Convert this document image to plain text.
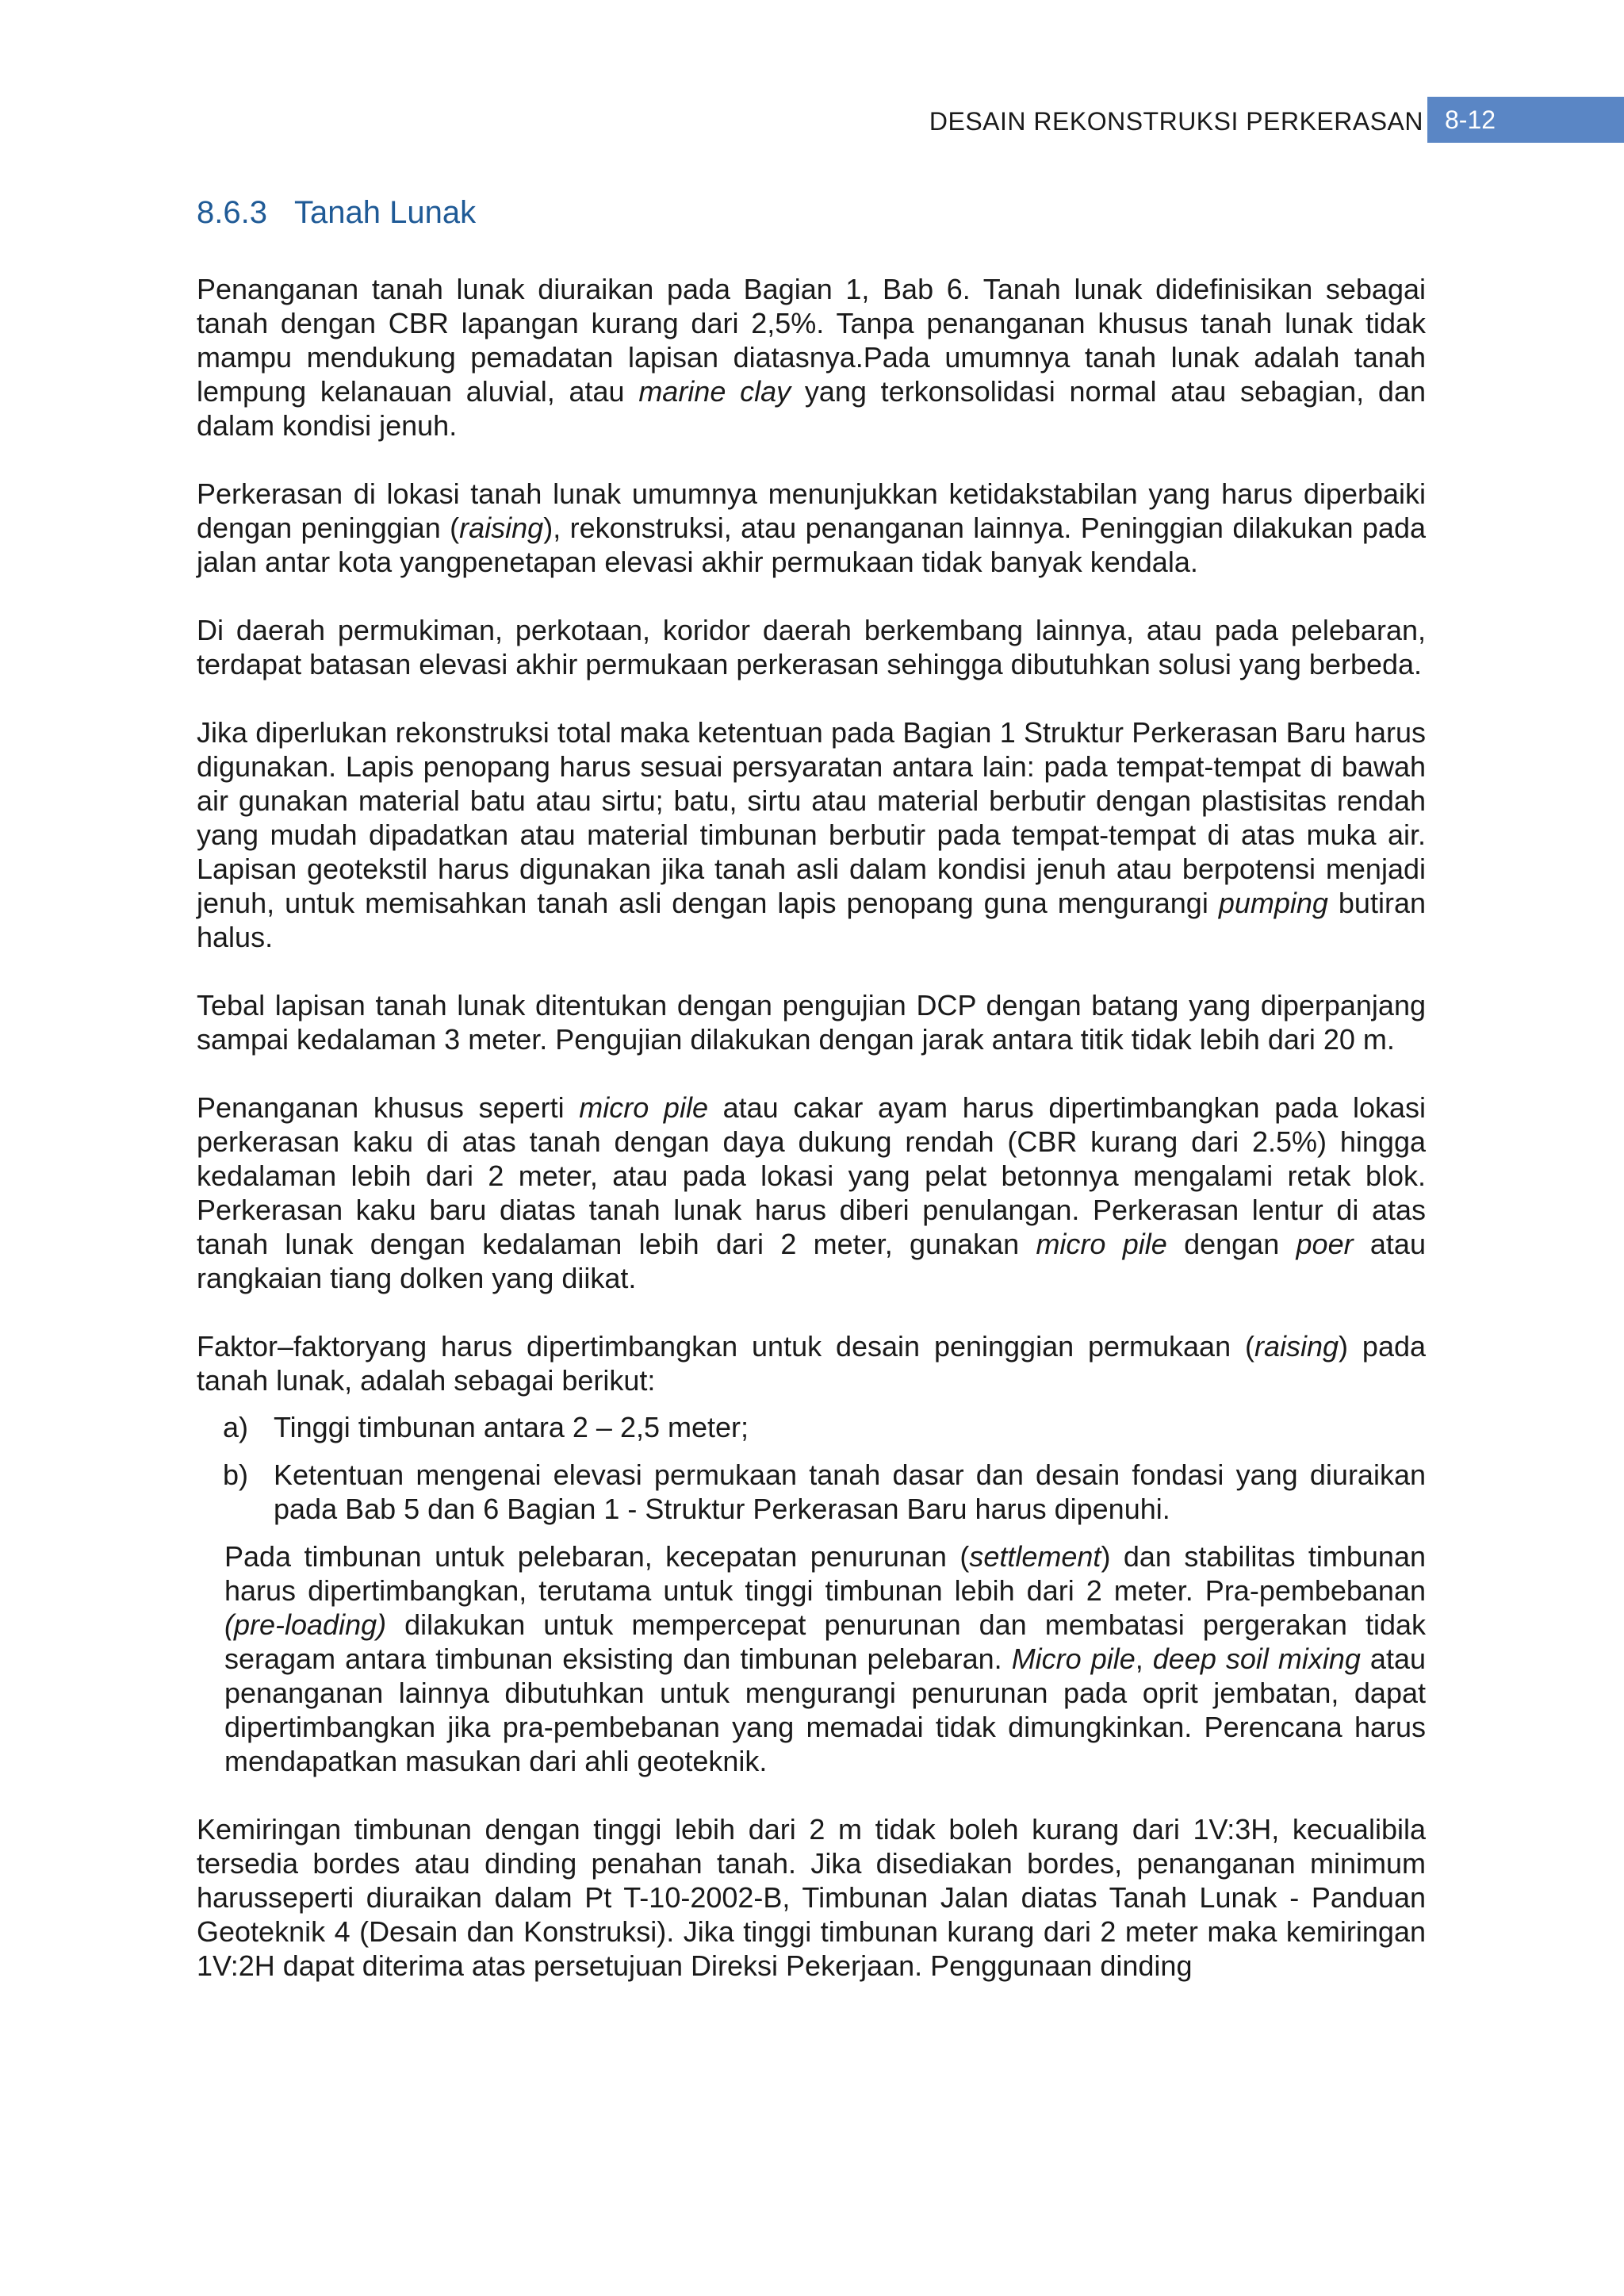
DESAIN REKONSTRUKSI PERKERASAN 8-12
8.6.3 Tanah Lunak

Penanganan tanah lunak diuraikan pada Bagian 1, Bab 6. Tanah lunak didefinisikan sebagai tanah dengan CBR lapangan kurang dari 2,5%. Tanpa penanganan khusus tanah lunak tidak mampu mendukung pemadatan lapisan diatasnya.Pada umumnya tanah lunak adalah tanah lempung kelanauan aluvial, atau marine clay yang terkonsolidasi normal atau sebagian, dan dalam kondisi jenuh.

Perkerasan di lokasi tanah lunak umumnya menunjukkan ketidakstabilan yang harus diperbaiki dengan peninggian (raising), rekonstruksi, atau penanganan lainnya. Peninggian dilakukan pada jalan antar kota yangpenetapan elevasi akhir permukaan tidak banyak kendala.

Di daerah permukiman, perkotaan, koridor daerah berkembang lainnya, atau pada pelebaran, terdapat batasan elevasi akhir permukaan perkerasan sehingga dibutuhkan solusi yang berbeda.

Jika diperlukan rekonstruksi total maka ketentuan pada Bagian 1 Struktur Perkerasan Baru harus digunakan. Lapis penopang harus sesuai persyaratan antara lain: pada tempat-tempat di bawah air gunakan material batu atau sirtu; batu, sirtu atau material berbutir dengan plastisitas rendah yang mudah dipadatkan atau material timbunan berbutir pada tempat-tempat di atas muka air. Lapisan geotekstil harus digunakan jika tanah asli dalam kondisi jenuh atau berpotensi menjadi jenuh, untuk memisahkan tanah asli dengan lapis penopang guna mengurangi pumping butiran halus.

Tebal lapisan tanah lunak ditentukan dengan pengujian DCP dengan batang yang diperpanjang sampai kedalaman 3 meter. Pengujian dilakukan dengan jarak antara titik tidak lebih dari 20 m.

Penanganan khusus seperti micro pile atau cakar ayam harus dipertimbangkan pada lokasi perkerasan kaku di atas tanah dengan daya dukung rendah (CBR kurang dari 2.5%) hingga kedalaman lebih dari 2 meter, atau pada lokasi yang pelat betonnya mengalami retak blok. Perkerasan kaku baru diatas tanah lunak harus diberi penulangan. Perkerasan lentur di atas tanah lunak dengan kedalaman lebih dari 2 meter, gunakan micro pile dengan poer atau rangkaian tiang dolken yang diikat.

Faktor–faktoryang harus dipertimbangkan untuk desain peninggian permukaan (raising) pada tanah lunak, adalah sebagai berikut:

a) Tinggi timbunan antara 2 – 2,5 meter;
b) Ketentuan mengenai elevasi permukaan tanah dasar dan desain fondasi yang diuraikan pada Bab 5 dan 6 Bagian 1 - Struktur Perkerasan Baru harus dipenuhi.

Pada timbunan untuk pelebaran, kecepatan penurunan (settlement) dan stabilitas timbunan harus dipertimbangkan, terutama untuk tinggi timbunan lebih dari 2 meter. Pra-pembebanan (pre-loading) dilakukan untuk mempercepat penurunan dan membatasi pergerakan tidak seragam antara timbunan eksisting dan timbunan pelebaran. Micro pile, deep soil mixing atau penanganan lainnya dibutuhkan untuk mengurangi penurunan pada oprit jembatan, dapat dipertimbangkan jika pra-pembebanan yang memadai tidak dimungkinkan. Perencana harus mendapatkan masukan dari ahli geoteknik.

Kemiringan timbunan dengan tinggi lebih dari 2 m tidak boleh kurang dari 1V:3H, kecualibila tersedia bordes atau dinding penahan tanah. Jika disediakan bordes, penanganan minimum harusseperti diuraikan dalam Pt T-10-2002-B, Timbunan Jalan diatas Tanah Lunak - Panduan Geoteknik 4 (Desain dan Konstruksi). Jika tinggi timbunan kurang dari 2 meter maka kemiringan 1V:2H dapat diterima atas persetujuan Direksi Pekerjaan. Penggunaan dinding
